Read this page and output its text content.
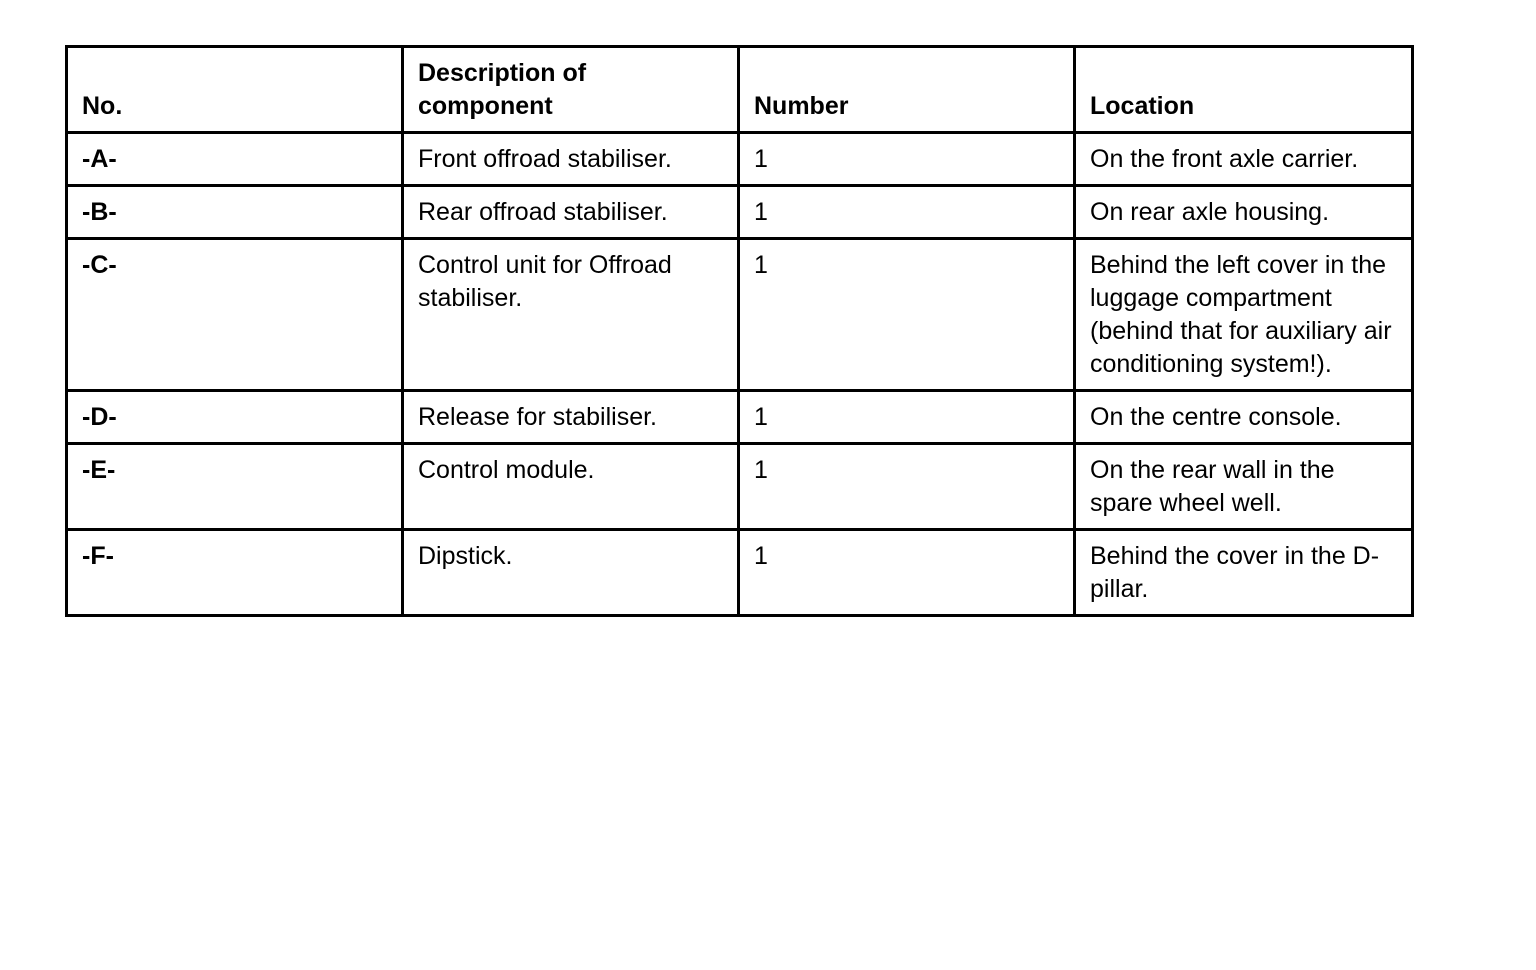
No.	Description of component	Number	Location

-A-	Front offroad stabiliser.	1	On the front axle carrier.

-B-	Rear offroad stabiliser.	1	On rear axle housing.

-C-	Control unit for Offroad stabiliser.	1	Behind the left cover in the luggage compartment (behind that for auxiliary air conditioning system!).

-D-	Release for stabiliser.	1	On the centre console.

-E-	Control module.	1	On the rear wall in the spare wheel well.

-F-	Dipstick.	1	Behind the cover in the D-pillar.
